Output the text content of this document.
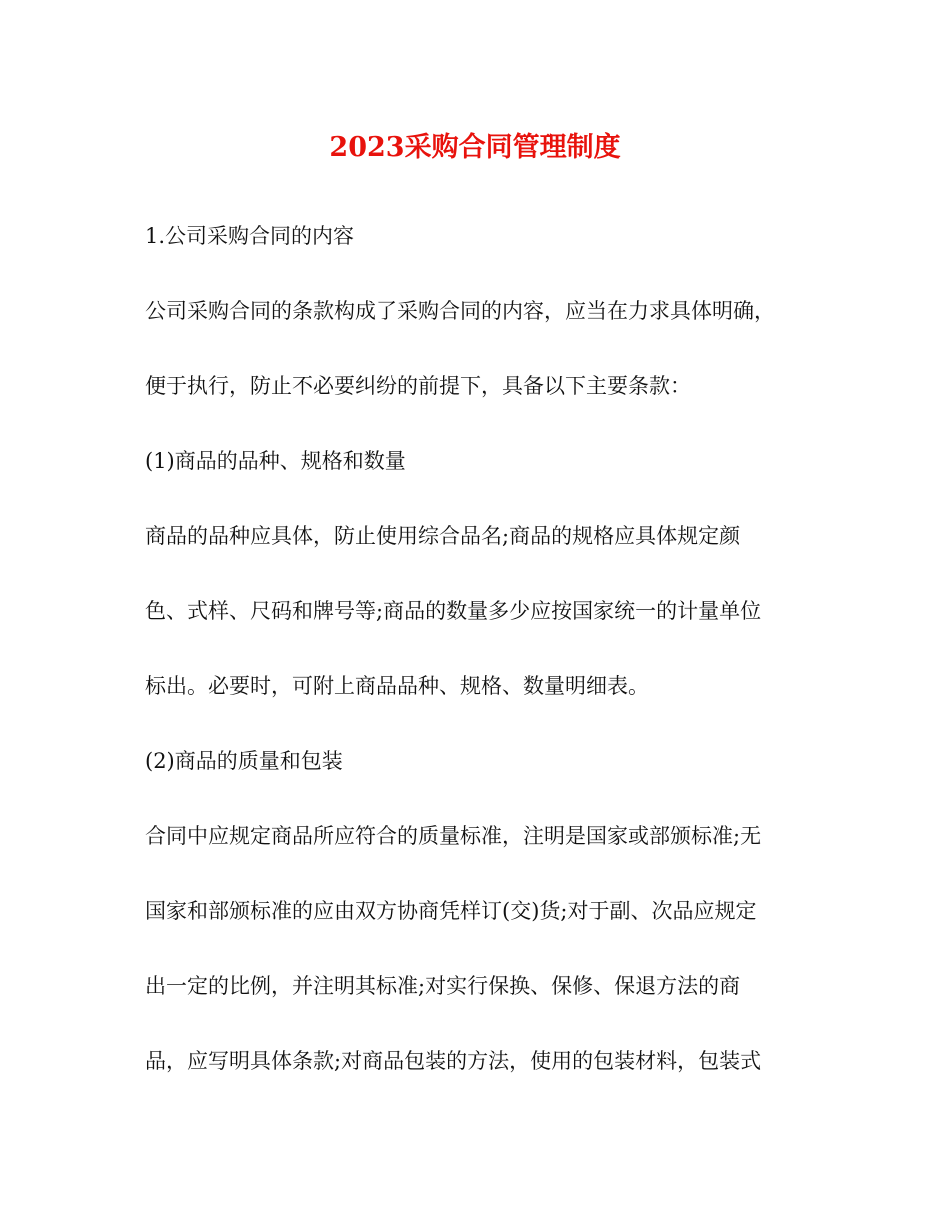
2023采购合同管理制度

1.公司采购合同的内容

公司采购合同的条款构成了采购合同的内容，应当在力求具体明确，

便于执行，防止不必要纠纷的前提下，具备以下主要条款：

(1)商品的品种、规格和数量

商品的品种应具体，防止使用综合品名;商品的规格应具体规定颜

色、式样、尺码和牌号等;商品的数量多少应按国家统一的计量单位

标出。必要时，可附上商品品种、规格、数量明细表。

(2)商品的质量和包装

合同中应规定商品所应符合的质量标准，注明是国家或部颁标准;无

国家和部颁标准的应由双方协商凭样订(交)货;对于副、次品应规定

出一定的比例，并注明其标准;对实行保换、保修、保退方法的商

品，应写明具体条款;对商品包装的方法，使用的包装材料，包装式
